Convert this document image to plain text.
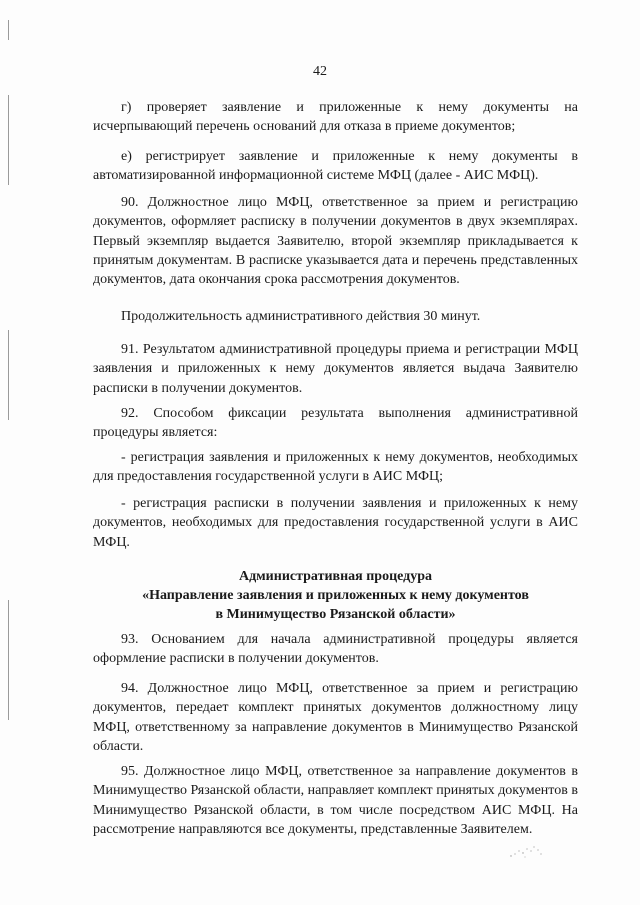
42
г) проверяет заявление и приложенные к нему документы на исчерпывающий перечень оснований для отказа в приеме документов;
е) регистрирует заявление и приложенные к нему документы в автоматизированной информационной системе МФЦ (далее - АИС МФЦ).
90. Должностное лицо МФЦ, ответственное за прием и регистрацию документов, оформляет расписку в получении документов в двух экземплярах. Первый экземпляр выдается Заявителю, второй экземпляр прикладывается к принятым документам. В расписке указывается дата и перечень представленных документов, дата окончания срока рассмотрения документов.
Продолжительность административного действия 30 минут.
91. Результатом административной процедуры приема и регистрации МФЦ заявления и приложенных к нему документов является выдача Заявителю расписки в получении документов.
92. Способом фиксации результата выполнения административной процедуры является:
- регистрация заявления и приложенных к нему документов, необходимых для предоставления государственной услуги в АИС МФЦ;
- регистрация расписки в получении заявления и приложенных к нему документов, необходимых для предоставления государственной услуги в АИС МФЦ.
Административная процедура
«Направление заявления и приложенных к нему документов
в Минимущество Рязанской области»
93. Основанием для начала административной процедуры является оформление расписки в получении документов.
94. Должностное лицо МФЦ, ответственное за прием и регистрацию документов, передает комплект принятых документов должностному лицу МФЦ, ответственному за направление документов в Минимущество Рязанской области.
95. Должностное лицо МФЦ, ответственное за направление документов в Минимущество Рязанской области, направляет комплект принятых документов в Минимущество Рязанской области, в том числе посредством АИС МФЦ. На рассмотрение направляются все документы, представленные Заявителем.
